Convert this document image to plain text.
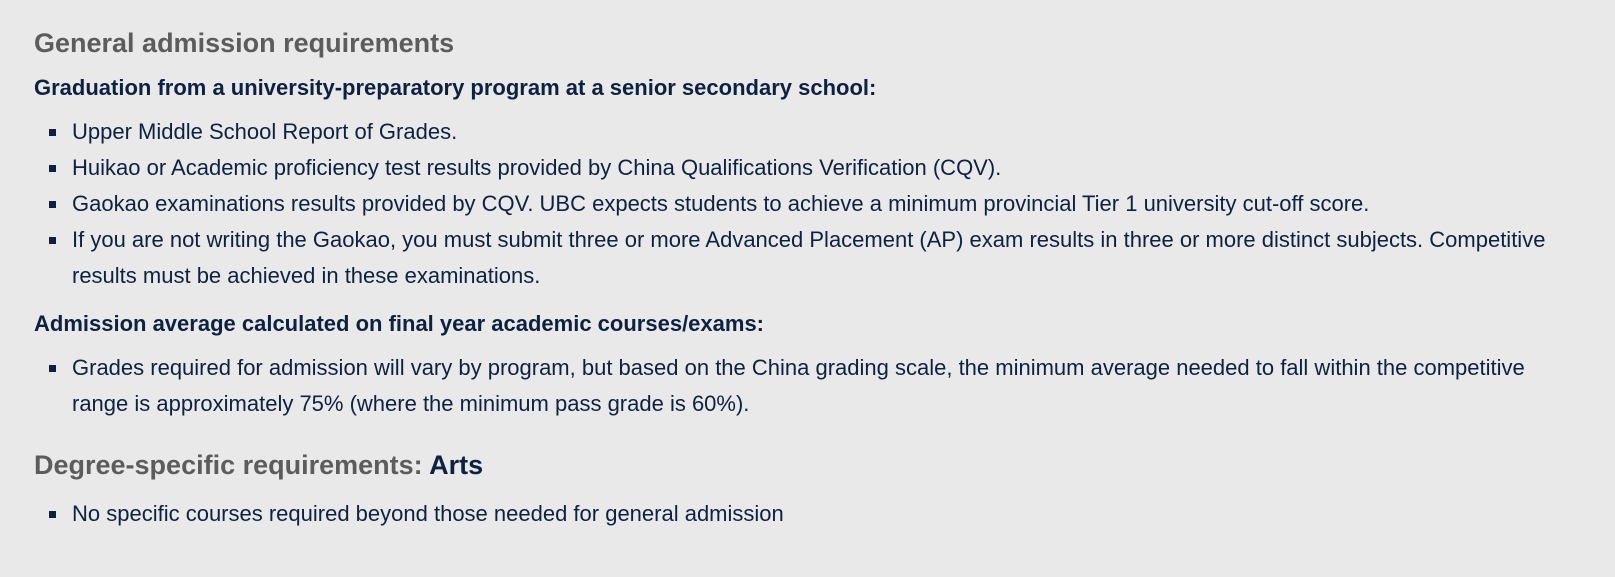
General admission requirements
Graduation from a university-preparatory program at a senior secondary school:
Upper Middle School Report of Grades.
Huikao or Academic proficiency test results provided by China Qualifications Verification (CQV).
Gaokao examinations results provided by CQV. UBC expects students to achieve a minimum provincial Tier 1 university cut-off score.
If you are not writing the Gaokao, you must submit three or more Advanced Placement (AP) exam results in three or more distinct subjects. Competitive results must be achieved in these examinations.
Admission average calculated on final year academic courses/exams:
Grades required for admission will vary by program, but based on the China grading scale, the minimum average needed to fall within the competitive range is approximately 75% (where the minimum pass grade is 60%).
Degree-specific requirements: Arts
No specific courses required beyond those needed for general admission
